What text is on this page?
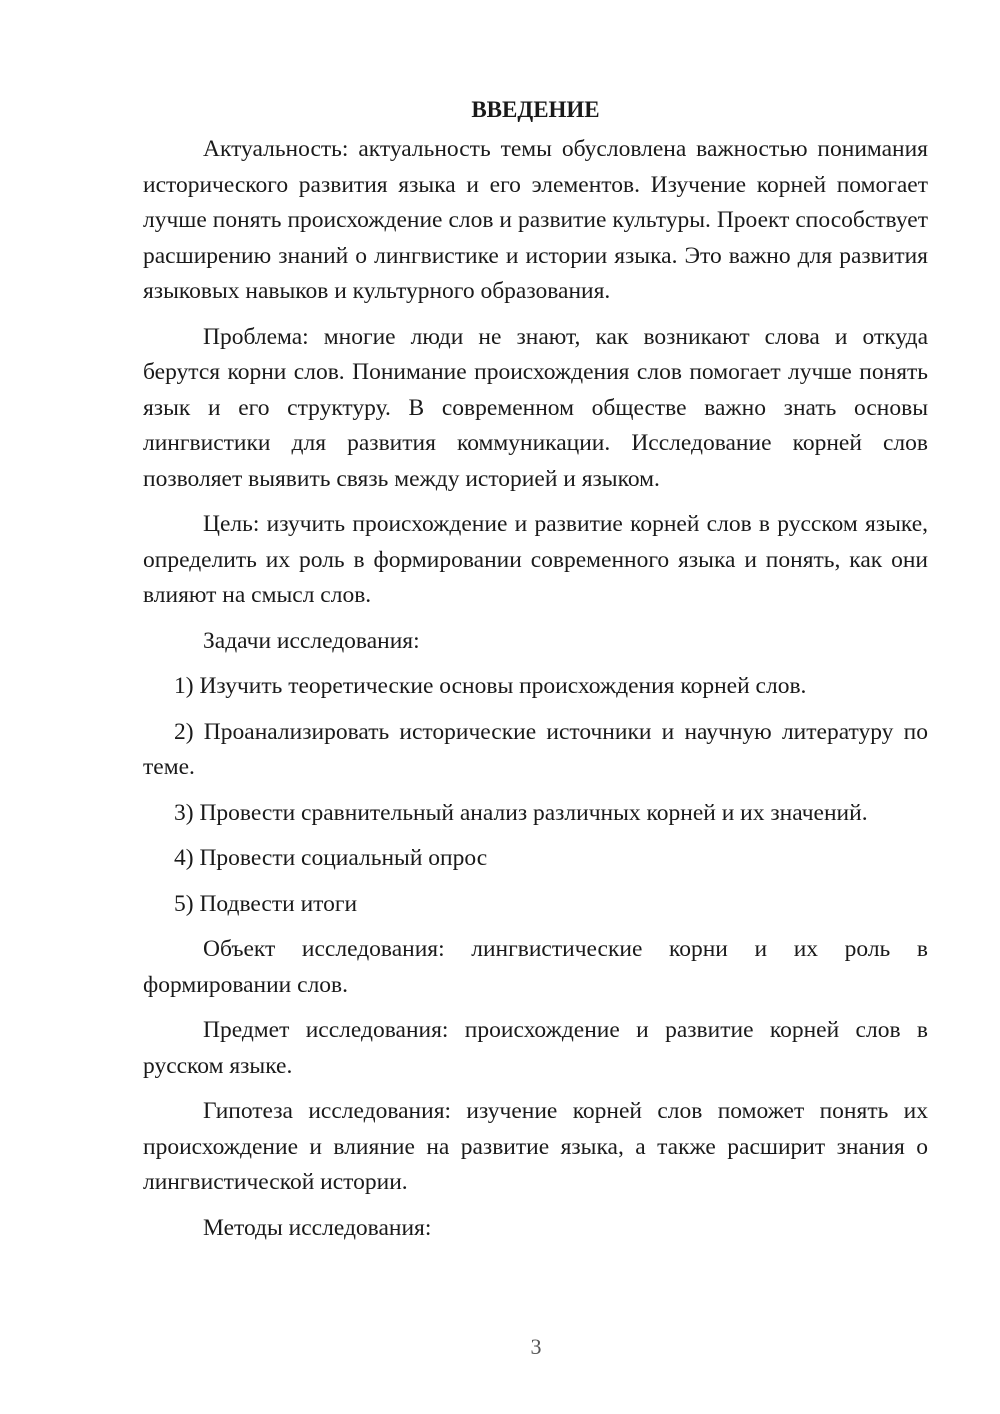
ВВЕДЕНИЕ

Актуальность: актуальность темы обусловлена важностью понимания исторического развития языка и его элементов. Изучение корней помогает лучше понять происхождение слов и развитие культуры. Проект способствует расширению знаний о лингвистике и истории языка. Это важно для развития языковых навыков и культурного образования.

Проблема: многие люди не знают, как возникают слова и откуда берутся корни слов. Понимание происхождения слов помогает лучше понять язык и его структуру. В современном обществе важно знать основы лингвистики для развития коммуникации. Исследование корней слов позволяет выявить связь между историей и языком.

Цель: изучить происхождение и развитие корней слов в русском языке, определить их роль в формировании современного языка и понять, как они влияют на смысл слов.

Задачи исследования:

1) Изучить теоретические основы происхождения корней слов.

2) Проанализировать исторические источники и научную литературу по теме.

3) Провести сравнительный анализ различных корней и их значений.

4) Провести социальный опрос

5) Подвести итоги

Объект исследования: лингвистические корни и их роль в формировании слов.

Предмет исследования: происхождение и развитие корней слов в русском языке.

Гипотеза исследования: изучение корней слов поможет понять их происхождение и влияние на развитие языка, а также расширит знания о лингвистической истории.

Методы исследования:

3
